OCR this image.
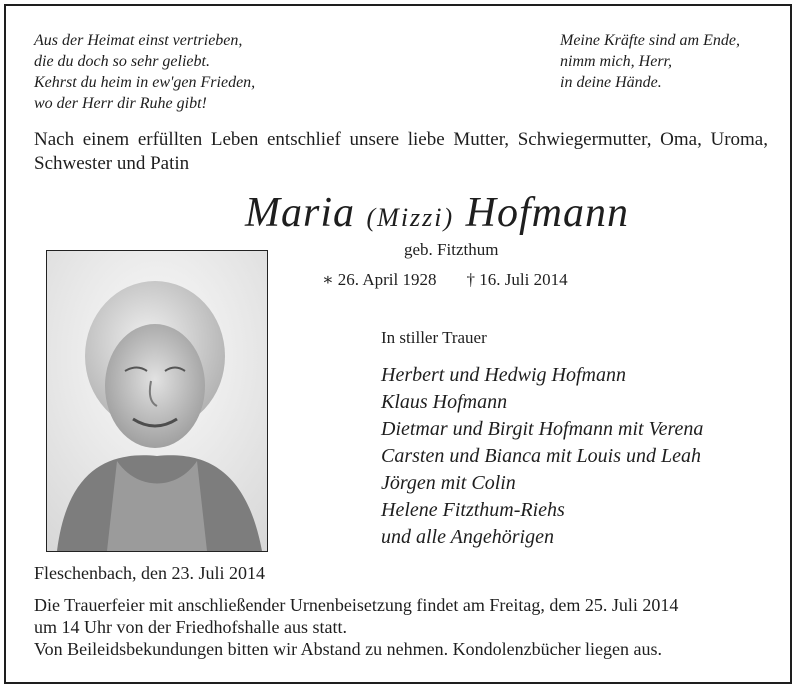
Aus der Heimat einst vertrieben,
die du doch so sehr geliebt.
Kehrst du heim in ew'gen Frieden,
wo der Herr dir Ruhe gibt!
Meine Kräfte sind am Ende,
nimm mich, Herr,
in deine Hände.
Nach einem erfüllten Leben entschlief unsere liebe Mutter, Schwiegermutter, Oma, Uroma, Schwester und Patin
Maria (Mizzi) Hofmann
geb. Fitzthum
∗ 26. April 1928 † 16. Juli 2014
In stiller Trauer
Herbert und Hedwig Hofmann
Klaus Hofmann
Dietmar und Birgit Hofmann mit Verena
Carsten und Bianca mit Louis und Leah
Jörgen mit Colin
Helene Fitzthum-Riehs
und alle Angehörigen
Fleschenbach, den 23. Juli 2014
Die Trauerfeier mit anschließender Urnenbeisetzung findet am Freitag, dem 25. Juli 2014
um 14 Uhr von der Friedhofshalle aus statt.
Von Beileidsbekundungen bitten wir Abstand zu nehmen. Kondolenzbücher liegen aus.
